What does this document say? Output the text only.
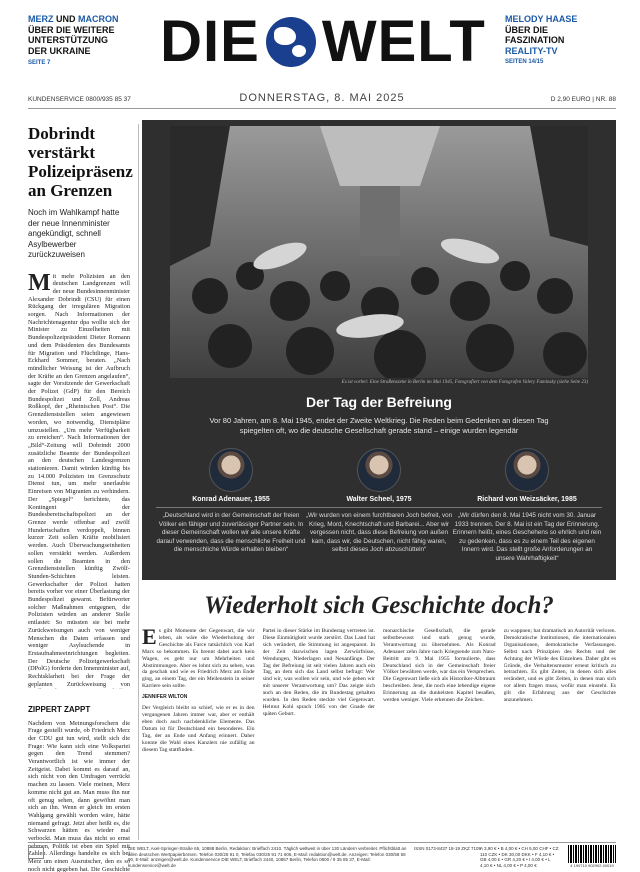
MERZ UND MACRON
ÜBER DIE WEITERE
UNTERSTÜTZUNG
DER UKRAINE
SEITE 7	DIE WELT MELODY HAASE
ÜBER DIE
FASZINATION
REALITY-TV
SEITEN 14/15
KUNDENSERVICE 0800/935 85 37	DONNERSTAG, 8. MAI 2025	D 2,90 EURO | NR. 88
Dobrindt verstärkt Polizeipräsenz an Grenzen

Noch im Wahlkampf hatte der neue Innenminister angekündigt, schnell Asylbewerber zurückzuweisen

Mit mehr Polizisten an den deutschen Landgrenzen will der neue Bundesinnenminister Alexander Dobrindt (CSU) für einen Rückgang der irregulären Migration sorgen. Nach Informationen der Nachrichtenagentur dpa wollte sich der Minister zu Einzelheiten mit Bundespolizeipräsident Dieter Romann und dem Präsidenten des Bundesamts für Migration und Flüchtlinge, Hans-Eckhard Sommer, beraten. „Nach mündlicher Weisung ist der Aufbruch der Kräfte an den Grenzen angelaufen“, sagte der Vorsitzende der Gewerkschaft der Polizei (GdP) für den Bereich Bundespolizei und Zoll, Andreas Roßkopf, der „Rheinischen Post“. Die Grenzdienststellen seien angewiesen worden, wo notwendig, Dienstpläne umzustellen. „Um mehr Verfügbarkeit zu erreichen“. Nach Informationen der „Bild“-Zeitung will Dobrindt 2000 zusätzliche Beamte der Bundespolizei an den deutschen Landesgrenzen stationieren. Damit würden künftig bis zu 14.000 Polizisten im Grenzschutz Dienst tun, um mehr unerlaubte Einreisen von Migranten zu verhindern. Der „Spiegel“ berichtete, das Kontingent der Bundesbereitschaftspolizei an der Grenze werde offenbar auf zwölf Hundertschaften verdoppelt, binnen kurzer Zeit sollen Kräfte mobilisiert werden. Auch Überwachungseinheiten sollen verstärkt werden. Außerdem sollen die Beamten in den Grenzdienststellen künftig Zwölf-Stunden-Schichten leisten. Gewerkschafter der Polizei hatten bereits vorher vor einer Überlastung der Bundespolizei gewarnt. Befürworter solcher Maßnahmen entgegnen, die Polizisten würden an anderer Stelle entlastet: So müssten sie bei mehr Zurückweisungen auch von weniger Menschen die Daten erfassen und weniger Asylsuchende in Erstaufnahmeeinrichtungen begleiten. Der Deutsche Polizeigewerkschaft (DPolG) forderte den Innenminister auf, Rechtsklarheit bei der Frage der geplanten Zurückweisung von
ZIPPERT ZAPPT
Nachdem von Meinungsforschern die Frage gestellt wurde, ob Friedrich Merz der CDU gut tun wird, stellt sich die Frage: Wie kann sich eine Volkspartei gegen den Trend stemmen? Verantwortlich ist wie immer der Zeitgeist. Dabei kommt es darauf an, sich nicht von den Umfragen verrückt machen zu lassen. Viele meinen, Merz komme nicht gut an. Man muss ihn nur oft genug sehen, dann gewöhnt man sich an ihn. Wenn er gleich im ersten Wahlgang gewählt worden wäre, hätte niemand gefragt. Jetzt aber heißt es, die Schwarzen hätten es wieder mal verbockt. Man muss das nicht so ernst nehmen, Politik ist eben ein Spiel mit Zahlen. Allerdings handelte es sich bei Merz um einen Ausrutscher, den es so noch nicht gegeben hat. Die Geschichte
Es ist vorbei: Eine Straßenszene in Berlin im Mai 1945, Fotografiert von dem Fotografen Valery Faminsky (siehe Seite 23)
Der Tag der Befreiung

Vor 80 Jahren, am 8. Mai 1945, endet der Zweite Weltkrieg. Die Reden beim Gedenken an diesen Tag spiegelten oft, wo die deutsche Gesellschaft gerade stand – einige wurden legendär

Konrad Adenauer, 1955
„Deutschland wird in der Gemeinschaft der freien Völker ein fähiger und zuverlässiger Partner sein. In dieser Gemeinschaft wollen wir alle unsere Kräfte darauf verwenden, dass die menschliche Freiheit und die menschliche Würde erhalten bleiben“
Walter Scheel, 1975
„Wir wurden von einem furchtbaren Joch befreit, von Krieg, Mord, Knechtschaft und Barbarei... Aber wir vergessen nicht, dass diese Befreiung von außen kam, dass wir, die Deutschen, nicht fähig waren, selbst dieses Joch abzuschütteln“
Richard von Weizsäcker, 1985
„Wir dürfen den 8. Mai 1945 nicht vom 30. Januar 1933 trennen. Der 8. Mai ist ein Tag der Erinnerung. Erinnern heißt, eines Geschehens so ehrlich und rein zu gedenken, dass es zu einem Teil des eigenen Innern wird. Das stellt große Anforderungen an unsere Wahrhaftigkeit“
Wiederholt sich Geschichte doch?
Es gibt Momente der Gegenwart, die wir leben, als wäre die Wiederholung der Geschichte als Farce tatsächlich von Karl Marx so bekommen. Es brennt dabei auch kein Wagen, es geht nur um Mehrheiten und Abstimmungen. Aber es lohnt sich zu sehen, was da geschah und wie es Friedrich Merz am Ende ging, an einem Tag, der ein Meilenstein in seiner Karriere sein sollte.
JENNIFER WILTON
Der Vergleich bleibt so schief, wie er es in den vergangenen Jahren immer war, aber er enthält eben doch auch nachdenkliche Elemente. Das Datum ist für Deutschland ein besonderes. Ein Tag, der an Ende und Anfang erinnert. Daher konnte die Wahl eines Kanzlers nie zufällig an diesem Tag stattfinden.
Partei in dieser Stärke im Bundestag vertreten ist. Diese Einmütigkeit wurde zerstört. Das Land hat sich verändert, die Stimmung ist angespannt. In der Zeit dazwischen lagen Zerwürfnisse, Wendungen, Niederlagen und Neuanfänge. Der Tag der Befreiung ist seit vielen Jahren auch ein Tag, an dem sich das Land selbst befragt: Wer sind wir, was wollen wir sein, und wie gehen wir mit unserer Verantwortung um? Das zeigte sich auch an den Reden, die im Bundestag gehalten wurden. In den Reden steckte viel Gegenwart. Helmut Kohl sprach 1985 von der Gnade der späten Geburt.
monarchische Gesellschaft, die gerade selbstbewusst und stark genug wurde, Verantwortung zu übernehmen. Als Konrad Adenauer zehn Jahre nach Kriegsende zum Nato-Beitritt am 9. Mai 1955 formulierte, dass Deutschland sich in der Gemeinschaft freier Völker bewähren werde, war das ein Versprechen. Die Gegenwart ließe sich als Historiker-Albtraum beschreiben. Jene, die noch eine lebendige eigene Erinnerung an die dunkelsten Kapitel besaßen, werden weniger. Viele erkennen die Zeichen.
zu wappnen; hat dramatisch an Autorität verloren. Demokratische Institutionen, die internationalen Organisationen, demokratische Verfassungen. Selbst nach Prinzipien des Rechts und der Achtung der Würde des Einzelnen. Daher gibt es Gründe, die Verhaltensmuster erneut kritisch zu betrachten. Es gibt Zeiten, in denen sich alles verändert, und es gibt Zeiten, in denen man sich vor allem fragen muss, wofür man einsteht. Es gilt die Erfahrung aus der Geschichte anzunehmen.
DIE WELT, Axel-Springer-Straße 65, 10888 Berlin, Redaktion: Brieffach 2410. Täglich weltweit in über 130 Ländern verbreitet. Pflichtblatt an allen deutschen Wertpapierbörsen. Telefon 030/25 91 0, Telefax 030/25 91 71 606, E-Mail: redaktion@welt.de. Anzeigen: Telefon 030/58 58 90, E-Mail: anzeigen@welt.de. Kundenservice DIE WELT, Brieffach 2440, 10867 Berlin, Telefon 0800 / 9 35 85 37, E-Mail: kundenservice@welt.de
ISSN 0173-8437 18-19 ZKZ 7109
A 3,90 € • B 4,00 € • CH 5,00 CHF • CZ 110 CZK • DK 30,00 DKK • F 4,10 € • GB 4,00 £ • GR 4,20 € • I 4,00 € • L 4,10 € • NL 4,00 € • P 4,00 €	4 190710 902902 40019
